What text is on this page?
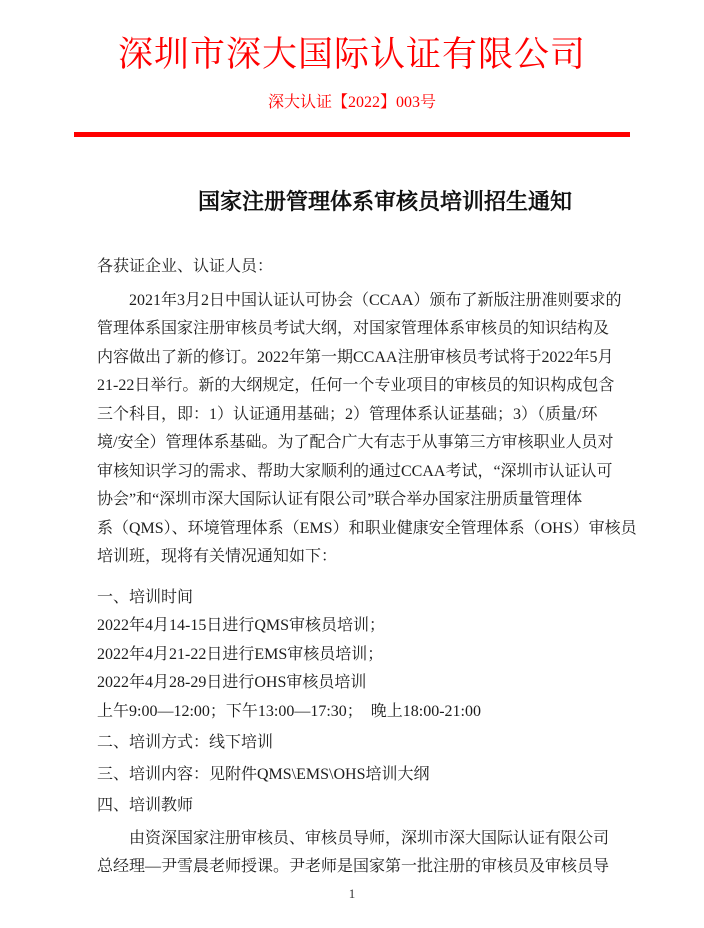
深圳市深大国际认证有限公司
深大认证【2022】003号
国家注册管理体系审核员培训招生通知
各获证企业、认证人员：
2021年3月2日中国认证认可协会（CCAA）颁布了新版注册准则要求的
管理体系国家注册审核员考试大纲，对国家管理体系审核员的知识结构及
内容做出了新的修订。2022年第一期CCAA注册审核员考试将于2022年5月
21-22日举行。新的大纲规定，任何一个专业项目的审核员的知识构成包含
三个科目，即：1）认证通用基础；2）管理体系认证基础；3）（质量/环
境/安全）管理体系基础。为了配合广大有志于从事第三方审核职业人员对
审核知识学习的需求、帮助大家顺利的通过CCAA考试，“深圳市认证认可
协会”和“深圳市深大国际认证有限公司”联合举办国家注册质量管理体
系（QMS）、环境管理体系（EMS）和职业健康安全管理体系（OHS）审核员
培训班，现将有关情况通知如下：
一、培训时间
2022年4月14-15日进行QMS审核员培训；
2022年4月21-22日进行EMS审核员培训；
2022年4月28-29日进行OHS审核员培训
上午9:00—12:00；下午13:00—17:30；　晚上18:00-21:00
二、培训方式：线下培训
三、培训内容：见附件QMS\EMS\OHS培训大纲
四、培训教师
由资深国家注册审核员、审核员导师，深圳市深大国际认证有限公司
总经理—尹雪晨老师授课。尹老师是国家第一批注册的审核员及审核员导
1
